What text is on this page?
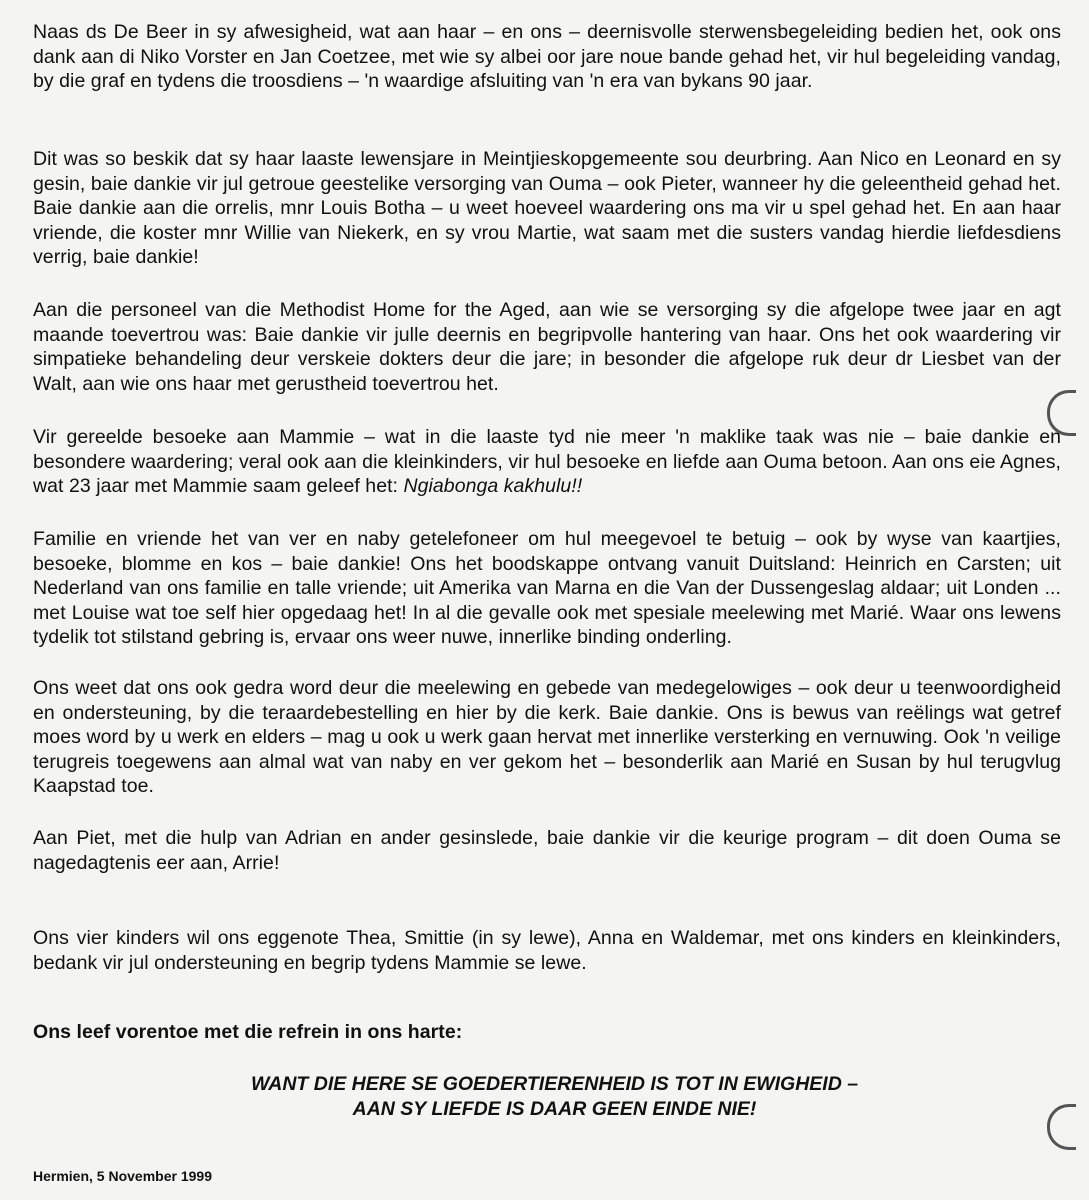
Naas ds De Beer in sy afwesigheid, wat aan haar – en ons – deernisvolle sterwensbegeleiding bedien het, ook ons dank aan di Niko Vorster en Jan Coetzee, met wie sy albei oor jare noue bande gehad het, vir hul begeleiding vandag, by die graf en tydens die troosdiens – 'n waardige afsluiting van 'n era van bykans 90 jaar.

Dit was so beskik dat sy haar laaste lewensjare in Meintjieskopgemeente sou deurbring. Aan Nico en Leonard en sy gesin, baie dankie vir jul getroue geestelike versorging van Ouma – ook Pieter, wanneer hy die geleentheid gehad het. Baie dankie aan die orrelis, mnr Louis Botha – u weet hoeveel waardering ons ma vir u spel gehad het. En aan haar vriende, die koster mnr Willie van Niekerk, en sy vrou Martie, wat saam met die susters vandag hierdie liefdesdiens verrig, baie dankie!

Aan die personeel van die Methodist Home for the Aged, aan wie se versorging sy die afgelope twee jaar en agt maande toevertrou was: Baie dankie vir julle deernis en begripvolle hantering van haar. Ons het ook waardering vir simpatieke behandeling deur verskeie dokters deur die jare; in besonder die afgelope ruk deur dr Liesbet van der Walt, aan wie ons haar met gerustheid toevertrou het.

Vir gereelde besoeke aan Mammie – wat in die laaste tyd nie meer 'n maklike taak was nie – baie dankie en besondere waardering; veral ook aan die kleinkinders, vir hul besoeke en liefde aan Ouma betoon. Aan ons eie Agnes, wat 23 jaar met Mammie saam geleef het: Ngiabonga kakhulu!!

Familie en vriende het van ver en naby getelefoneer om hul meegevoel te betuig – ook by wyse van kaartjies, besoeke, blomme en kos – baie dankie! Ons het boodskappe ontvang vanuit Duitsland: Heinrich en Carsten; uit Nederland van ons familie en talle vriende; uit Amerika van Marna en die Van der Dussengeslag aldaar; uit Londen ... met Louise wat toe self hier opgedaag het! In al die gevalle ook met spesiale meelewing met Marié. Waar ons lewens tydelik tot stilstand gebring is, ervaar ons weer nuwe, innerlike binding onderling.

Ons weet dat ons ook gedra word deur die meelewing en gebede van medegelowiges – ook deur u teenwoordigheid en ondersteuning, by die teraardebestelling en hier by die kerk. Baie dankie. Ons is bewus van reëlings wat getref moes word by u werk en elders – mag u ook u werk gaan hervat met innerlike versterking en vernuwing. Ook 'n veilige terugreis toegewens aan almal wat van naby en ver gekom het – besonderlik aan Marié en Susan by hul terugvlug Kaapstad toe.

Aan Piet, met die hulp van Adrian en ander gesinslede, baie dankie vir die keurige program – dit doen Ouma se nagedagtenis eer aan, Arrie!

Ons vier kinders wil ons eggenote Thea, Smittie (in sy lewe), Anna en Waldemar, met ons kinders en kleinkinders, bedank vir jul ondersteuning en begrip tydens Mammie se lewe.

Ons leef vorentoe met die refrein in ons harte:

WANT DIE HERE SE GOEDERTIERENHEID IS TOT IN EWIGHEID –
AAN SY LIEFDE IS DAAR GEEN EINDE NIE!
Hermien, 5 November 1999
